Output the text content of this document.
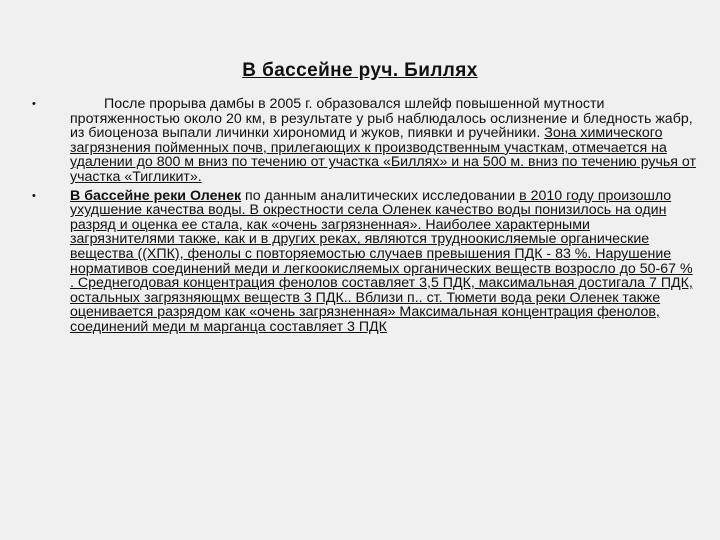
В бассейне руч. Биллях
•	После прорыва дамбы в 2005 г. образовался шлейф повышенной мутности протяженностью около 20 км, в результате у рыб наблюдалось ослизнение и бледность жабр, из биоценоза выпали личинки хирономид и жуков, пиявки и ручейники. Зона химического загрязнения пойменных почв, прилегающих к производственным участкам, отмечается на удалении до 800 м вниз по течению от участка «Биллях» и на 500 м. вниз по течению ручья от участка «Тигликит».
• В бассейне реки Оленек по данным аналитических исследовании в 2010 году произошло ухудшение качества воды. В окрестности села Оленек качество воды понизилось на один разряд и оценка ее стала, как «очень загрязненная». Наиболее характерными загрязнителями также, как и в других реках, являются трудноокисляемые органические вещества ((ХПК), фенолы с повторяемостью случаев превышения ПДК - 83 %. Нарушение нормативов соединений меди и легкоокисляемых органических веществ возросло до 50-67 % . Среднегодовая концентрация фенолов составляет 3,5 ПДК, максимальная достигала 7 ПДК, остальных загрязняющмх веществ 3 ПДК.. Вблизи п.. ст. Тюмети вода реки Оленек также оценивается разрядом как «очень загрязненная» Максимальная концентрация фенолов, соединений меди м марганца составляет 3 ПДК
